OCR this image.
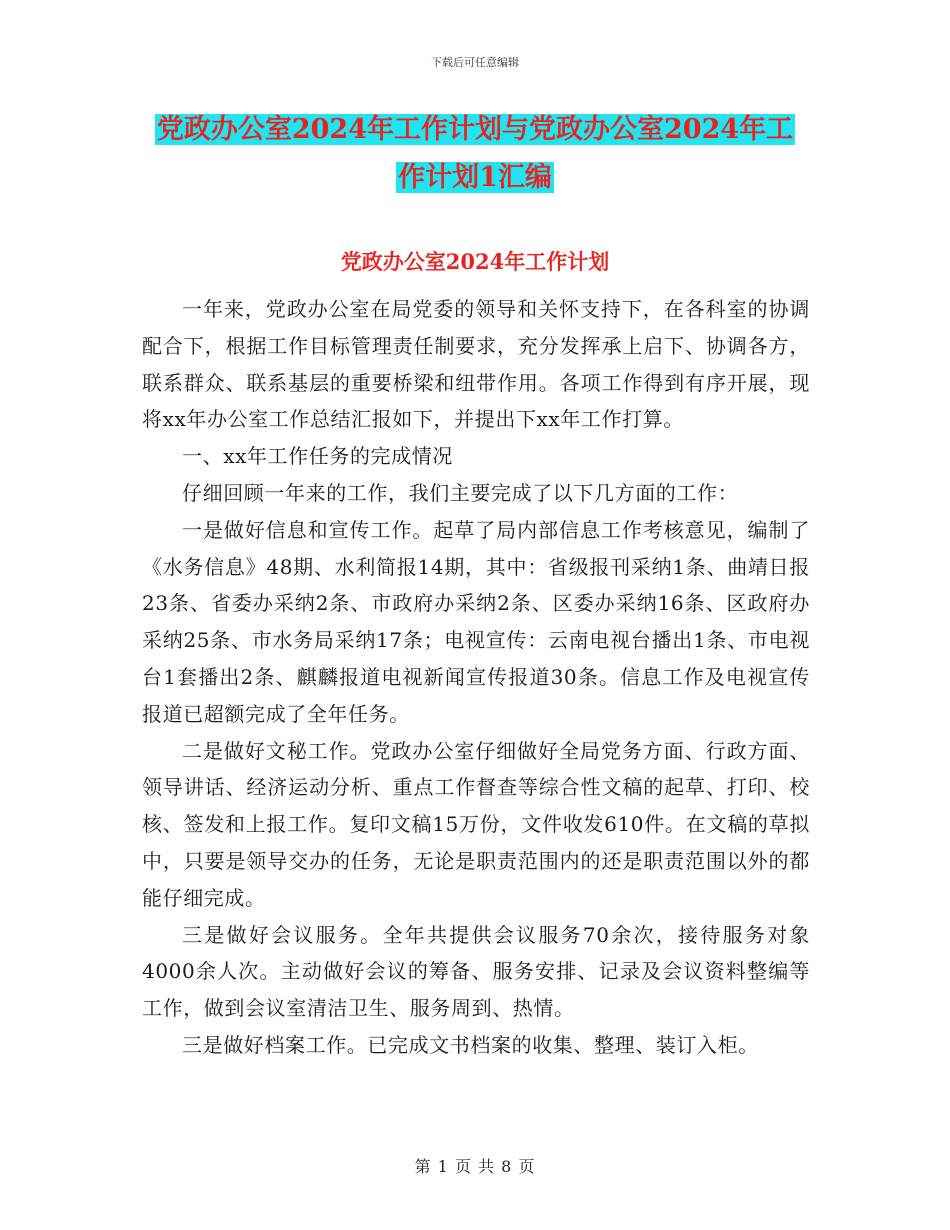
下载后可任意编辑
党政办公室2024年工作计划与党政办公室2024年工
作计划1汇编
党政办公室2024年工作计划

一年来，党政办公室在局党委的领导和关怀支持下，在各科室的协调配合下，根据工作目标管理责任制要求，充分发挥承上启下、协调各方，联系群众、联系基层的重要桥梁和纽带作用。各项工作得到有序开展，现将xx年办公室工作总结汇报如下，并提出下xx年工作打算。

一、xx年工作任务的完成情况

仔细回顾一年来的工作，我们主要完成了以下几方面的工作：

一是做好信息和宣传工作。起草了局内部信息工作考核意见，编制了《水务信息》48期、水利简报14期，其中：省级报刊采纳1条、曲靖日报23条、省委办采纳2条、市政府办采纳2条、区委办采纳16条、区政府办采纳25条、市水务局采纳17条；电视宣传：云南电视台播出1条、市电视台1套播出2条、麒麟报道电视新闻宣传报道30条。信息工作及电视宣传报道已超额完成了全年任务。

二是做好文秘工作。党政办公室仔细做好全局党务方面、行政方面、领导讲话、经济运动分析、重点工作督查等综合性文稿的起草、打印、校核、签发和上报工作。复印文稿15万份，文件收发610件。在文稿的草拟中，只要是领导交办的任务，无论是职责范围内的还是职责范围以外的都能仔细完成。

三是做好会议服务。全年共提供会议服务70余次，接待服务对象4000余人次。主动做好会议的筹备、服务安排、记录及会议资料整编等工作，做到会议室清洁卫生、服务周到、热情。

三是做好档案工作。已完成文书档案的收集、整理、装订入柜。

第 1 页 共 8 页
